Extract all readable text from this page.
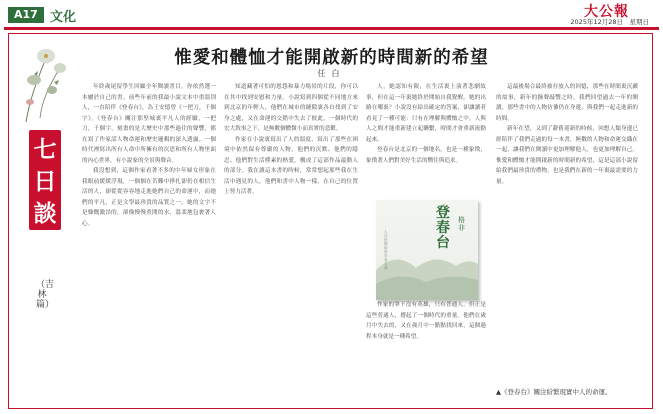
A17 文化	大公報
2025年12月28日　星期日
七
日
談
（吉林篇）
惟愛和體恤才能開啟新的時間新的希望
任白

年終歲尾留學生回顧全年閱讀書目，你依然選一本屬於自己的書。前些年前的我最小說文本中重溫別人，一直陪伴《登春台》，為王安憶曾《一把刀，千個字》。《登春台》關注那堅城裏平凡人的經驗，一把刀，千個字，刻畫的是大歷史中那些過往的聲響，都在寫了作家話人物命運和歷史邏輯的深入透露。一個時代裡寫出所有人命中所擁有的沉思和所有人物里面的內心世界，有小說家的全景與聲音。

我沒想到，這個作家看著不多的中年婦女形象在我眼前緩緩浮現，一個個在苦難中掙扎卻仍在相信生活的人，卻從從容容地走進她們自己的命運中，而她們的平凡，正是文學最珍貴的品質之一。她的文字不是慷慨激昂的，卻像慢慢煮開的水，溫柔地包裹著人心。

知道藏著可怕的恩怨和暴力場景的片段，你可以在其中找到安慰和力量。小說寫到四個從不同地方來到北京的年輕人，他們在城市的縫隙裏各自找到了安身之處，又在命運的交錯中失去了彼此。一個時代的宏大敘事之下，是無數個體微小而真實的悲歡。

作家在小說裏寫出了人的溫度，寫出了那些在困境中依然保有尊嚴的人物，他們的沉默、他們的隱忍、他們對生活樸素的熱愛，構成了這部作品最動人的部分。我在讀這本書的時候，常常想起那些我在生活中遇見的人，他們和書中人物一樣，在自己的位置上努力活著。

人，她認知有限，在生活裏上演著悲劇故事，但在這一年裏她終於開始自我覺醒。她的出路在哪裏？小說沒有給出確定的答案，卻讓讀者看見了一種可能：只有在理解與體恤之中，人與人之間才能重新建立起聯繫，時間才會重新流動起來。

登春台是北京的一個地名，也是一種象徵，象徵著人們對美好生活的嚮往與追求。

登春台
格非
人在世間如何安身立命

作家的筆下沒有英雄，只有普通人。但正是這些普通人，撐起了一個時代的重量。他們在歲月中失去的，又在歲月中一點點找回來，這個過程本身就是一種希望。

這最後場合最終被存放入的回憶，那些在時間裏沉澱的故事，新年的鐘聲敲響之時，我們回望過去一年的閱讀，那些書中的人物彷彿仍在身邊，與我們一起走進新的時間。

新年在望，又到了辭舊迎新的時候，回想人類身邊已經陪伴了我們走過的每一本書，無數的人物和命運交織在一起，讓我們在閱讀中更加理解他人，也更加理解自己。惟愛和體恤才能開啟新的時間新的希望，這是這部小說留給我們最珍貴的禮物，也是我們在新的一年裏最需要的力量。

▲《登春台》關注紛繁現實中人的命運。
